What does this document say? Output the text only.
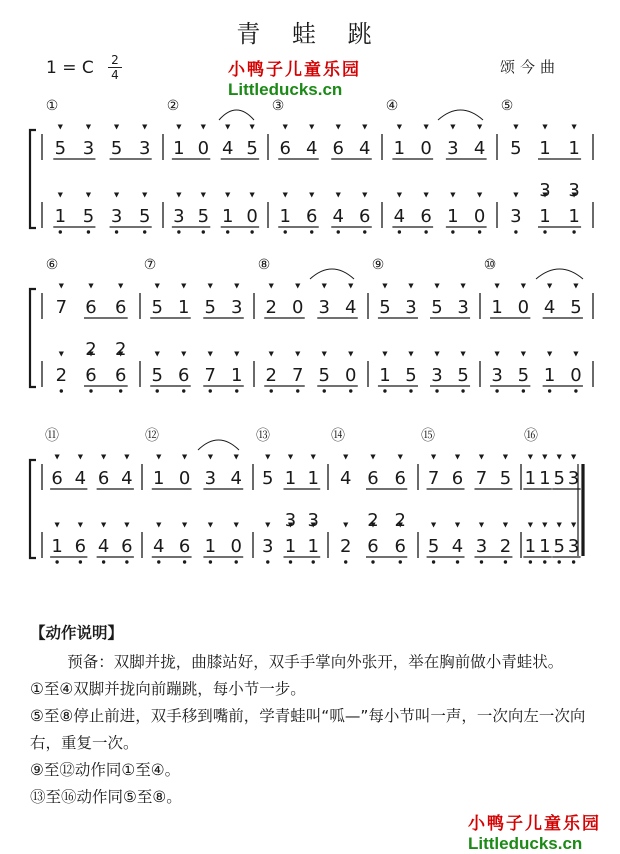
青 蛙 跳
1 = C 2
4	颂今曲
小鸭子儿童乐园
Littleducks.cn
①	②	③	④	⑤
5 3 5 3 1 0 4 5 6 4 6 4 1 0 3 4 5 1 1
1 5 3 5 3 5 1 0 1 6 4 6 4 6 1 0 3 1 1
3 3
⑥	⑦	⑧	⑨	⑩
7 6 6 5 1 5 3 2 0 3 4 5 3 5 3 1 0 4 5
2 6 6 5 6 7 1 2 7 5 0 1 5 3 5 3 5 1 0
2 2
⑪	⑫	⑬	⑭	⑮	⑯
6 4 6 4 1 0 3 4 5 1 1 4 6 6 7 6 7 5 1 1 5 3
1 6 4 6 4 6 1 0 3 1 1 2 6 6 5 4 3 2 1 1 5 3
3 3	2 2
【动作说明】

预备：双脚并拢，曲膝站好，双手手掌向外张开，举在胸前做小青蛙状。

①至④双脚并拢向前蹦跳，每小节一步。

⑤至⑧停止前进，双手移到嘴前，学青蛙叫“呱—”每小节叫一声，一次向左一次向右，重复一次。

⑨至⑫动作同①至④。

⑬至⑯动作同⑤至⑧。

小鸭子儿童乐园
Littleducks.cn
